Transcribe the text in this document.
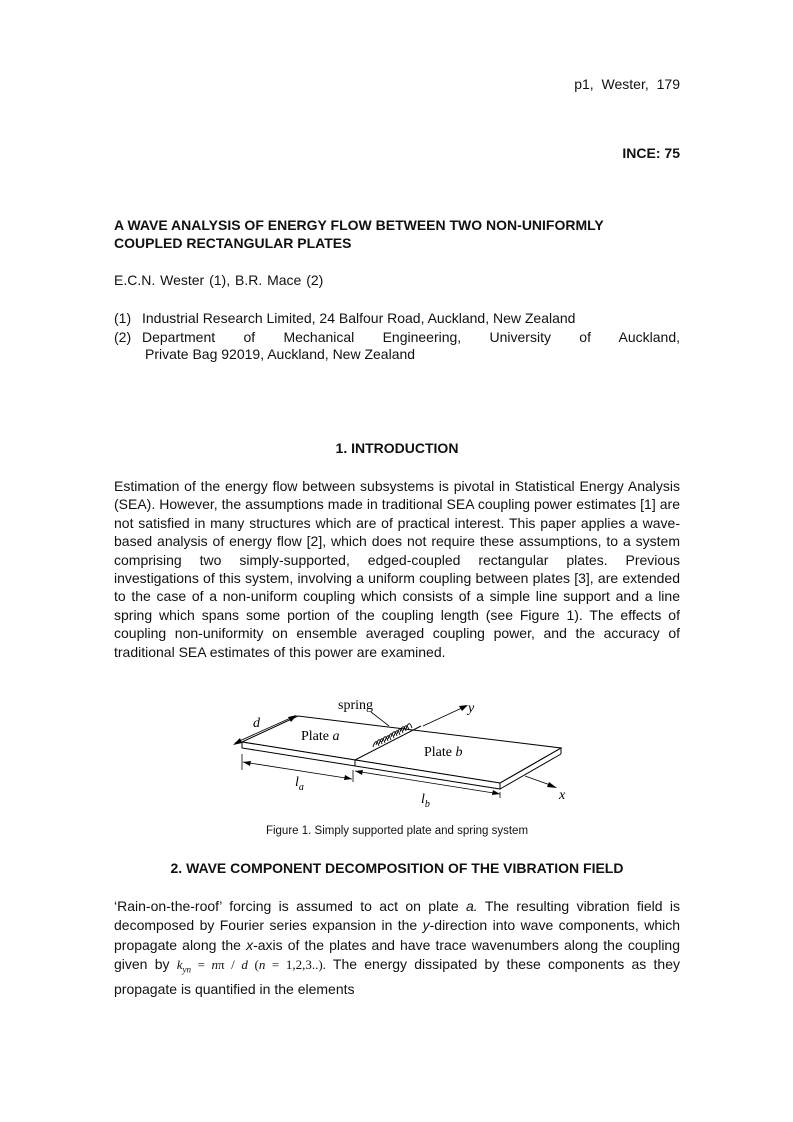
p1, Wester, 179
INCE: 75
A WAVE ANALYSIS OF ENERGY FLOW BETWEEN TWO NON-UNIFORMLY
COUPLED RECTANGULAR PLATES
E.C.N. Wester (1), B.R. Mace (2)
(1) Industrial Research Limited, 24 Balfour Road, Auckland, New Zealand
(2) Department of Mechanical Engineering, University of Auckland,
Private Bag 92019, Auckland, New Zealand
1. INTRODUCTION
Estimation of the energy flow between subsystems is pivotal in Statistical Energy Analysis (SEA). However, the assumptions made in traditional SEA coupling power estimates [1] are not satisfied in many structures which are of practical interest. This paper applies a wave-based analysis of energy flow [2], which does not require these assumptions, to a system comprising two simply-supported, edged-coupled rectangular plates. Previous investigations of this system, involving a uniform coupling between plates [3], are extended to the case of a non-uniform coupling which consists of a simple line support and a line spring which spans some portion of the coupling length (see Figure 1). The effects of coupling non-uniformity on ensemble averaged coupling power, and the accuracy of traditional SEA estimates of this power are examined.
spring	y
d
Plate a
Plate b
$l_a$
$l_b$
x
Figure 1. Simply supported plate and spring system
2. WAVE COMPONENT DECOMPOSITION OF THE VIBRATION FIELD
‘Rain-on-the-roof’ forcing is assumed to act on plate a. The resulting vibration field is decomposed by Fourier series expansion in the y-direction into wave components, which propagate along the x-axis of the plates and have trace wavenumbers along the coupling given by $k_{yn} = n\pi / d$ (n = 1,2,3..). The energy dissipated by these components as they propagate is quantified in the elements
